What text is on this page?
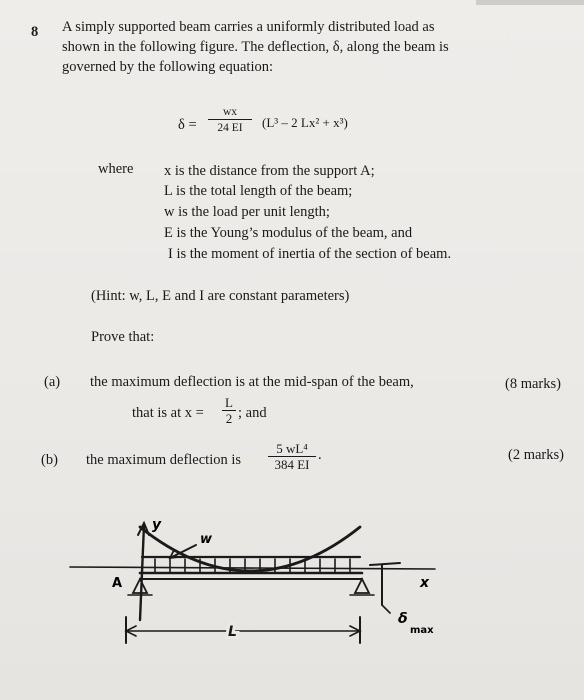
8 A simply supported beam carries a uniformly distributed load as
shown in the following figure. The deflection, δ, along the beam is
governed by the following equation:
$\delta = \frac{wx}{24 EI} (L^3 - 2$ Lx² + x³)
where x is the distance from the support A;
L is the total length of the beam;
w is the load per unit length;
E is the Young’s modulus of the beam, and
I is the moment of inertia of the section of beam.
(Hint: w, L, E and I are constant parameters)
Prove that:
(a) the maximum deflection is at the mid-span of the beam,	(8 marks)
that is at $x = \frac{L}{2}$ ; and
(b) the maximum deflection is $\frac{\text{5 wL⁴}}{384 EI}$ .	(2 marks)
y
w
A	x
L
δ
max
